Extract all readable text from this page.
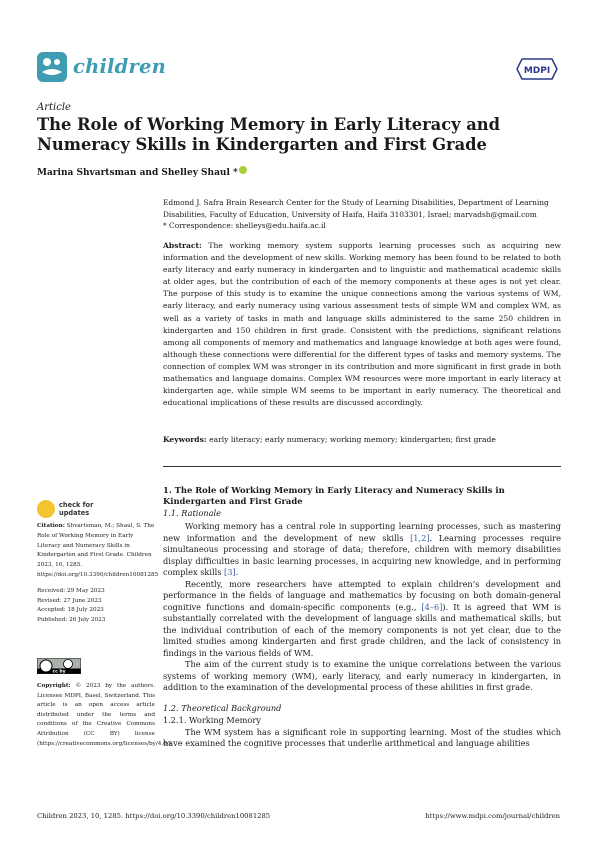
children	MDPI
Article
The Role of Working Memory in Early Literacy and Numeracy Skills in Kindergarten and First Grade
Marina Shvartsman and Shelley Shaul *
Edmond J. Safra Brain Research Center for the Study of Learning Disabilities, Department of Learning Disabilities, Faculty of Education, University of Haifa, Haifa 3103301, Israel; marvadsh@gmail.com
* Correspondence: shelleys@edu.haifa.ac.il
Abstract: The working memory system supports learning processes such as acquiring new information and the development of new skills. Working memory has been found to be related to both early literacy and early numeracy in kindergarten and to linguistic and mathematical academic skills at older ages, but the contribution of each of the memory components at these ages is not yet clear. The purpose of this study is to examine the unique connections among the various systems of WM, early literacy, and early numeracy using various assessment tests of simple WM and complex WM, as well as a variety of tasks in math and language skills administered to the same 250 children in kindergarten and 150 children in first grade. Consistent with the predictions, significant relations among all components of memory and mathematics and language knowledge at both ages were found, although these connections were differential for the different types of tasks and memory systems. The connection of complex WM was stronger in its contribution and more significant in first grade in both mathematics and language domains. Complex WM resources were more important in early literacy at kindergarten age, while simple WM seems to be important in early numeracy. The theoretical and educational implications of these results are discussed accordingly.
Keywords: early literacy; early numeracy; working memory; kindergarten; first grade
check for
updates

Citation: Shvartsman, M.; Shaul, S. The Role of Working Memory in Early Literacy and Numeracy Skills in Kindergarten and First Grade. Children 2023, 10, 1285. https://doi.org/10.3390/children10081285

Received: 29 May 2023

Revised: 27 June 2023

Accepted: 18 July 2023

Published: 26 July 2023

cc by
Copyright: © 2023 by the authors. Licensee MDPI, Basel, Switzerland. This article is an open access article distributed under the terms and conditions of the Creative Commons Attribution (CC BY) license (https://creativecommons.org/licenses/by/4.0/).
1. The Role of Working Memory in Early Literacy and Numeracy Skills in Kindergarten and First Grade
1.1. Rationale

Working memory has a central role in supporting learning processes, such as mastering new information and the development of new skills [1,2]. Learning processes require simultaneous processing and storage of data; therefore, children with memory disabilities display difficulties in basic learning processes, in acquiring new knowledge, and in performing complex skills [3].

Recently, more researchers have attempted to explain children’s development and performance in the fields of language and mathematics by focusing on both domain-general cognitive functions and domain-specific components (e.g., [4–6]). It is agreed that WM is substantially correlated with the development of language skills and mathematical skills, but the individual contribution of each of the memory components is not yet clear, due to the limited studies among kindergarten and first grade children, and the lack of consistency in findings in the various fields of WM.

The aim of the current study is to examine the unique correlations between the various systems of working memory (WM), early literacy, and early numeracy in kindergarten, in addition to the examination of the developmental process of these abilities in first grade.

1.2. Theoretical Background
1.2.1. Working Memory

The WM system has a significant role in supporting learning. Most of the studies which have examined the cognitive processes that underlie arithmetical and language abilities

Children 2023, 10, 1285. https://doi.org/10.3390/children10081285	https://www.mdpi.com/journal/children
